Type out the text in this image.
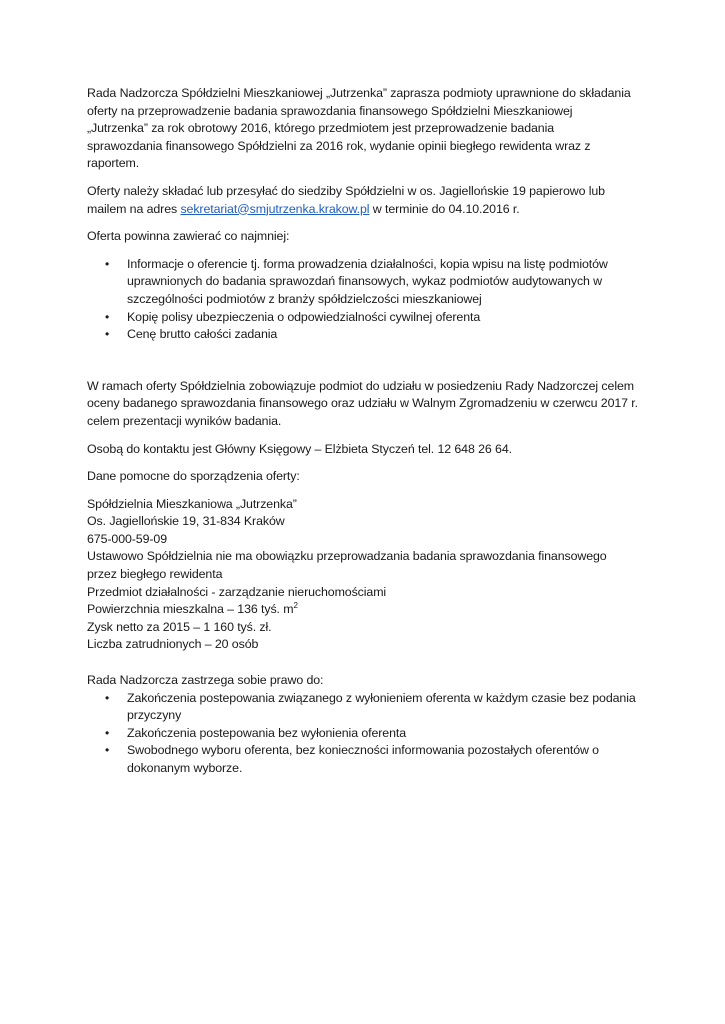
Rada Nadzorcza Spółdzielni Mieszkaniowej „Jutrzenka” zaprasza podmioty uprawnione do składania
oferty na przeprowadzenie badania sprawozdania finansowego Spółdzielni Mieszkaniowej
„Jutrzenka” za rok obrotowy 2016, którego przedmiotem jest przeprowadzenie badania
sprawozdania finansowego Spółdzielni za 2016 rok, wydanie opinii biegłego rewidenta wraz z
raportem.

Oferty należy składać lub przesyłać do siedziby Spółdzielni w os. Jagiellońskie 19 papierowo lub
mailem na adres sekretariat@smjutrzenka.krakow.pl w terminie do 04.10.2016 r.

Oferta powinna zawierać co najmniej:

• Informacje o oferencie tj. forma prowadzenia działalności, kopia wpisu na listę podmiotów
uprawnionych do badania sprawozdań finansowych, wykaz podmiotów audytowanych w
szczególności podmiotów z branży spółdzielczości mieszkaniowej
• Kopię polisy ubezpieczenia o odpowiedzialności cywilnej oferenta
• Cenę brutto całości zadania

W ramach oferty Spółdzielnia zobowiązuje podmiot do udziału w posiedzeniu Rady Nadzorczej celem
oceny badanego sprawozdania finansowego oraz udziału w Walnym Zgromadzeniu w czerwcu 2017 r.
celem prezentacji wyników badania.

Osobą do kontaktu jest Główny Księgowy – Elżbieta Styczeń tel. 12 648 26 64.

Dane pomocne do sporządzenia oferty:

Spółdzielnia Mieszkaniowa „Jutrzenka”
Os. Jagiellońskie 19, 31-834 Kraków
675-000-59-09
Ustawowo Spółdzielnia nie ma obowiązku przeprowadzania badania sprawozdania finansowego
przez biegłego rewidenta
Przedmiot działalności - zarządzanie nieruchomościami
Powierzchnia mieszkalna – 136 tyś. $m^2$
Zysk netto za 2015 – 1 160 tyś. zł.
Liczba zatrudnionych – 20 osób
Rada Nadzorcza zastrzega sobie prawo do:
• Zakończenia postepowania związanego z wyłonieniem oferenta w każdym czasie bez podania
przyczyny
• Zakończenia postepowania bez wyłonienia oferenta
• Swobodnego wyboru oferenta, bez konieczności informowania pozostałych oferentów o
dokonanym wyborze.
